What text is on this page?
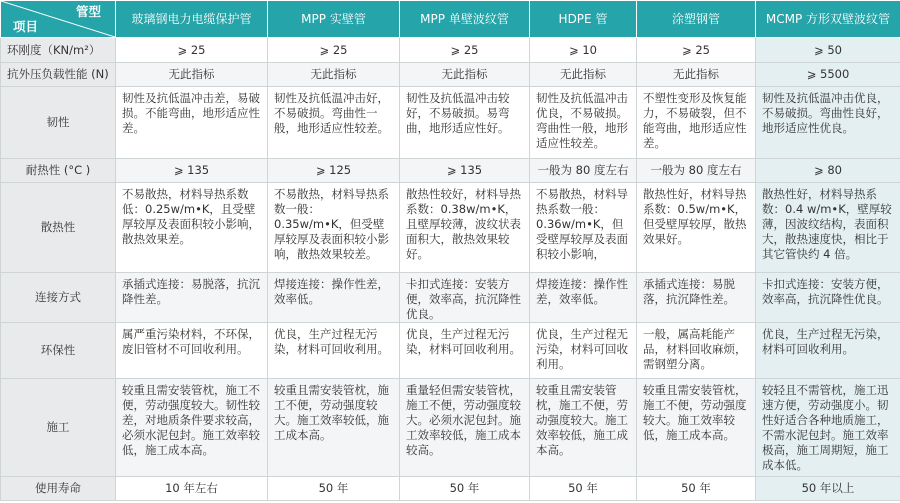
管型
项目	玻璃钢电力电缆保护管	MPP 实壁管	MPP 单壁波纹管	HDPE 管	涂塑钢管	MCMP 方形双壁波纹管
环刚度（KN/m²）	⩾ 25	⩾ 25	⩾ 25	⩾ 10	⩾ 25	⩾ 50
抗外压负载性能 (N)	无此指标	无此指标	无此指标	无此指标	无此指标	⩾ 5500
韧性	韧性及抗低温冲击差，易破损。不能弯曲，地形适应性差。	韧性及抗低温冲击好，不易破损。弯曲性一般，地形适应性较差。	韧性及抗低温冲击较好，不易破损。易弯曲，地形适应性好。	韧性及抗低温冲击优良，不易破损。弯曲性一般，地形适应性较差。	不塑性变形及恢复能力，不易破裂，但不能弯曲，地形适应性差。	韧性及抗低温冲击优良，不易破损。弯曲性良好，地形适应性优良。
耐热性 (°C )	⩾ 135	⩾ 125	⩾ 135	一般为 80 度左右	一般为 80 度左右	⩾ 80
散热性	不易散热，材料导热系数低：0.25w/m•K，且受壁厚较厚及表面积较小影响，散热效果差。	不易散热，材料导热系数一般：0.35w/m•K，但受壁厚较厚及表面积较小影响，散热效果较差。	散热性较好，材料导热系数：0.38w/m•K，且壁厚较薄，波纹状表面积大，散热效果较好。	不易散热，材料导热系数一般：0.36w/m•K，但受壁厚较厚及表面积较小影响，	散热性好，材料导热系数：0.5w/m•K，但受壁厚较厚，散热效果好。	散热性好，材料导热系数：0.4 w/m•K，壁厚较薄，因波纹结构，表面积大，散热速度快，相比于其它管快约 4 倍。
连接方式	承插式连接：易脱落，抗沉降性差。	焊接连接：操作性差，效率低。	卡扣式连接：安装方便，效率高，抗沉降性优良。	焊接连接：操作性差，效率低。	承插式连接：易脱落，抗沉降性差。	卡扣式连接：安装方便，效率高，抗沉降性优良。
环保性	属严重污染材料，不环保，废旧管材不可回收利用。	优良，生产过程无污染，材料可回收利用。	优良，生产过程无污染，材料可回收利用。	优良，生产过程无污染，材料可回收利用。	一般，属高耗能产品，材料回收麻烦，需钢塑分离。	优良，生产过程无污染，材料可回收利用。
施工	较重且需安装管枕，施工不便，劳动强度较大。韧性较差，对地质条件要求较高，必须水泥包封。施工效率较低，施工成本高。	较重且需安装管枕，施工不便，劳动强度较大。施工效率较低，施工成本高。	重量轻但需安装管枕，施工不便，劳动强度较大。必须水泥包封。施工效率较低，施工成本较高。	较重且需安装管枕，施工不便，劳动强度较大。施工效率较低，施工成本高。	较重且需安装管枕，施工不便，劳动强度较大。施工效率较低，施工成本高。	较轻且不需管枕，施工迅速方便，劳动强度小。韧性好适合各种地质施工，不需水泥包封。施工效率极高，施工周期短，施工成本低。
使用寿命	10 年左右	50 年	50 年	50 年	50 年	50 年以上
